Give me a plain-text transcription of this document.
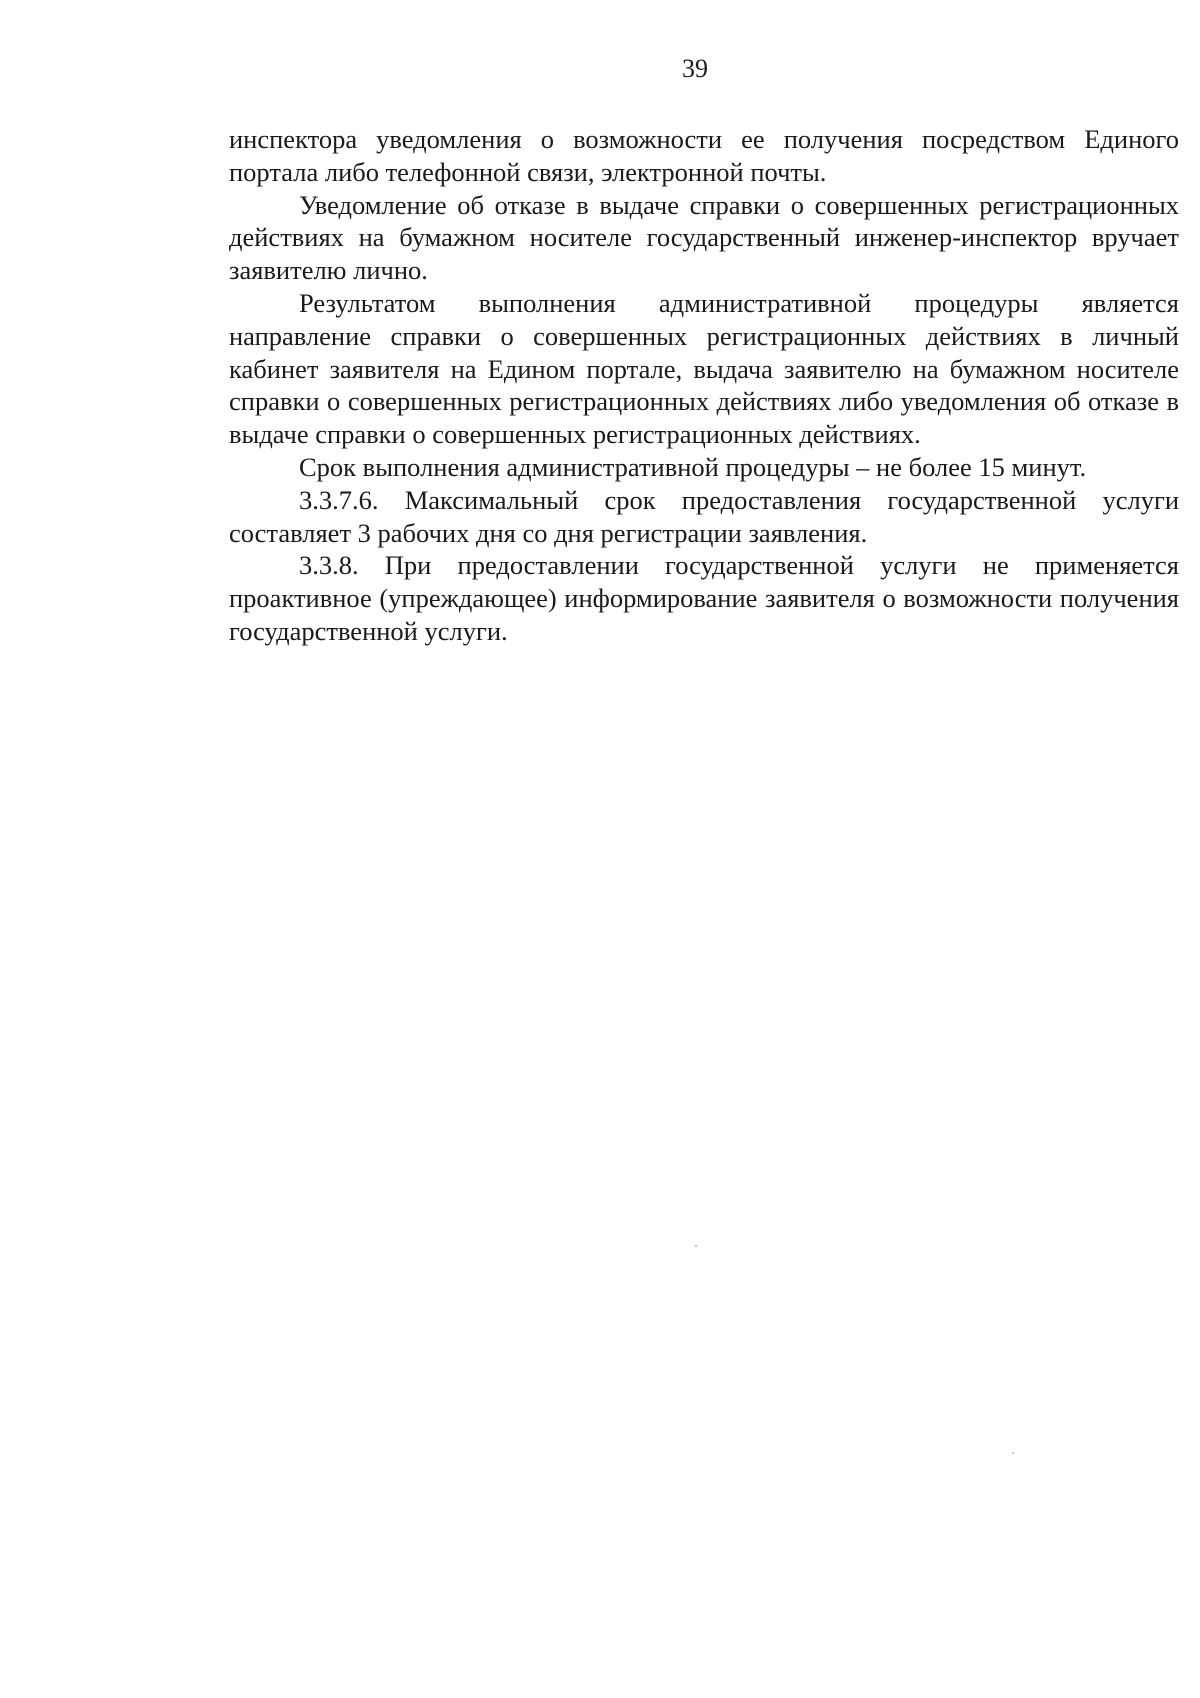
39

инспектора уведомления о возможности ее получения посредством Единого портала либо телефонной связи, электронной почты.

Уведомление об отказе в выдаче справки о совершенных регистрационных действиях на бумажном носителе государственный инженер-инспектор вручает заявителю лично.

Результатом выполнения административной процедуры является направление справки о совершенных регистрационных действиях в личный кабинет заявителя на Едином портале, выдача заявителю на бумажном носителе справки о совершенных регистрационных действиях либо уведомления об отказе в выдаче справки о совершенных регистрационных действиях.

Срок выполнения административной процедуры – не более 15 минут.

3.3.7.6. Максимальный срок предоставления государственной услуги составляет 3 рабочих дня со дня регистрации заявления.

3.3.8. При предоставлении государственной услуги не применяется проактивное (упреждающее) информирование заявителя о возможности получения государственной услуги.
